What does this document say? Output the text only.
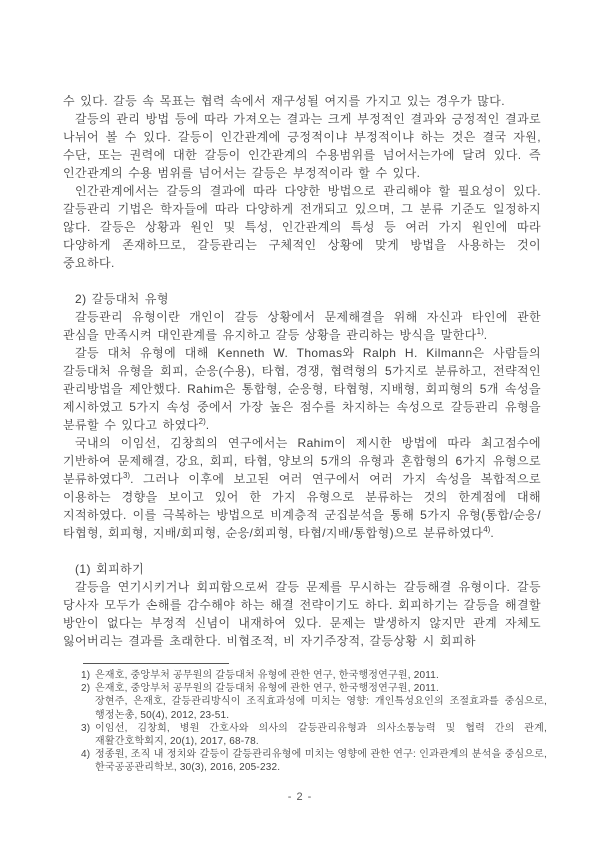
수 있다. 갈등 속 목표는 협력 속에서 재구성될 여지를 가지고 있는 경우가 많다.

갈등의 관리 방법 등에 따라 가져오는 결과는 크게 부정적인 결과와 긍정적인 결과로 나뉘어 볼 수 있다. 갈등이 인간관계에 긍정적이냐 부정적이냐 하는 것은 결국 자원, 수단, 또는 권력에 대한 갈등이 인간관계의 수용범위를 넘어서는가에 달려 있다. 즉 인간관계의 수용 범위를 넘어서는 갈등은 부정적이라 할 수 있다.

인간관계에서는 갈등의 결과에 따라 다양한 방법으로 관리해야 할 필요성이 있다. 갈등관리 기법은 학자들에 따라 다양하게 전개되고 있으며, 그 분류 기준도 일정하지 않다. 갈등은 상황과 원인 및 특성, 인간관계의 특성 등 여러 가지 원인에 따라 다양하게 존재하므로, 갈등관리는 구체적인 상황에 맞게 방법을 사용하는 것이 중요하다.

2) 갈등대처 유형

갈등관리 유형이란 개인이 갈등 상황에서 문제해결을 위해 자신과 타인에 관한 관심을 만족시켜 대인관계를 유지하고 갈등 상황을 관리하는 방식을 말한다$^{1)}$.

갈등 대처 유형에 대해 Kenneth W. Thomas와 Ralph H. Kilmann은 사람들의 갈등대처 유형을 회피, 순응(수용), 타협, 경쟁, 협력형의 5가지로 분류하고, 전략적인 관리방법을 제안했다. Rahim은 통합형, 순응형, 타협형, 지배형, 회피형의 5개 속성을 제시하였고 5가지 속성 중에서 가장 높은 점수를 차지하는 속성으로 갈등관리 유형을 분류할 수 있다고 하였다$^{2)}$.

국내의 이임선, 김창희의 연구에서는 Rahim이 제시한 방법에 따라 최고점수에 기반하여 문제해결, 강요, 회피, 타협, 양보의 5개의 유형과 혼합형의 6가지 유형으로 분류하였다$^{3)}$. 그러나 이후에 보고된 여러 연구에서 여러 가지 속성을 복합적으로 이용하는 경향을 보이고 있어 한 가지 유형으로 분류하는 것의 한계점에 대해 지적하였다. 이를 극복하는 방법으로 비계층적 군집분석을 통해 5가지 유형(통합/순응/타협형, 회피형, 지배/회피형, 순응/회피형, 타협/지배/통합형)으로 분류하였다$^{4)}$.

(1) 회피하기

갈등을 연기시키거나 회피함으로써 갈등 문제를 무시하는 갈등해결 유형이다. 갈등 당사자 모두가 손해를 감수해야 하는 해결 전략이기도 하다. 회피하기는 갈등을 해결할 방안이 없다는 부정적 신념이 내재하여 있다. 문제는 발생하지 않지만 관계 자체도 잃어버리는 결과를 초래한다. 비협조적, 비 자기주장적, 갈등상황 시 회피하

1) 은재호, 중앙부처 공무원의 갈등대처 유형에 관한 연구, 한국행정연구원, 2011.
2) 은재호, 중앙부처 공무원의 갈등대처 유형에 관한 연구, 한국행정연구원, 2011.
장현주, 은재호, 갈등관리방식이 조직효과성에 미치는 영향: 개인특성요인의 조절효과를 중심으로, 행정논총, 50(4), 2012, 23-51.
3) 이임선, 김창희, 병원 간호사와 의사의 갈등관리유형과 의사소통능력 및 협력 간의 관계, 재활간호학회지, 20(1), 2017, 68-78.
4) 정종원, 조직 내 정치와 갈등이 갈등관리유형에 미치는 영향에 관한 연구: 인과관계의 분석을 중심으로, 한국공공관리학보, 30(3), 2016, 205-232.
- 2 -
